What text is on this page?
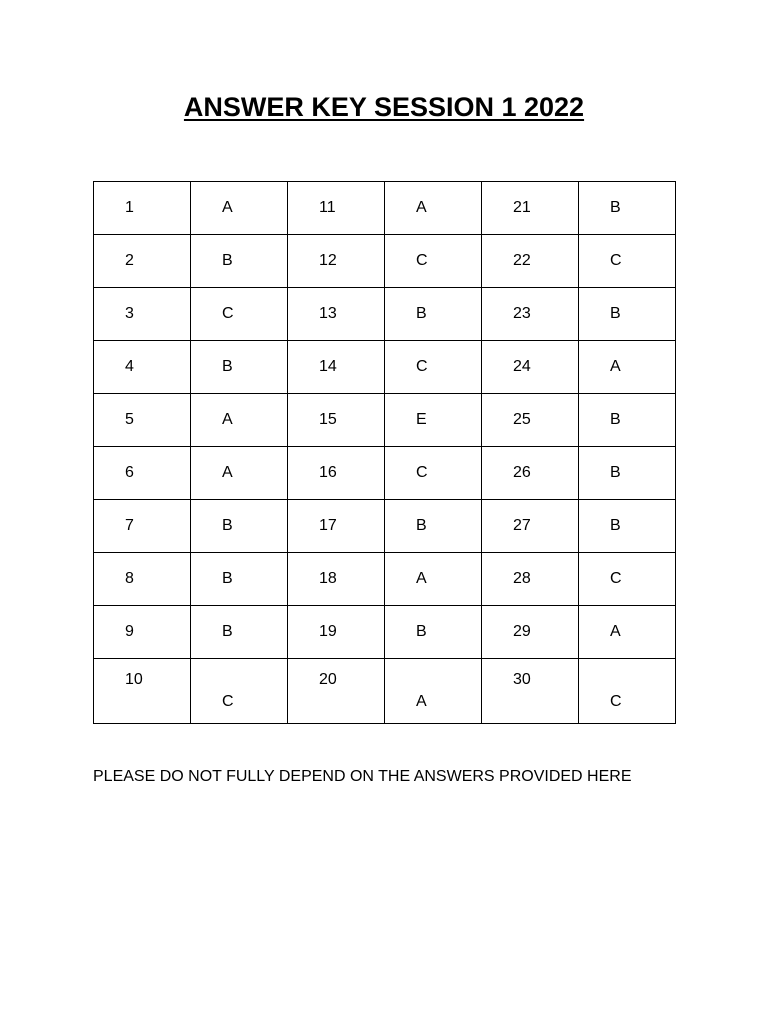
ANSWER KEY SESSION 1 2022
1	A	11	A	21	B
2	B	12	C	22	C
3	C	13	B	23	B
4	B	14	C	24	A
5	A	15	E	25	B
6	A	16	C	26	B
7	B	17	B	27	B
8	B	18	A	28	C
9	B	19	B	29	A
10	C	20	A	30	C
PLEASE DO NOT FULLY DEPEND ON THE ANSWERS PROVIDED HERE
